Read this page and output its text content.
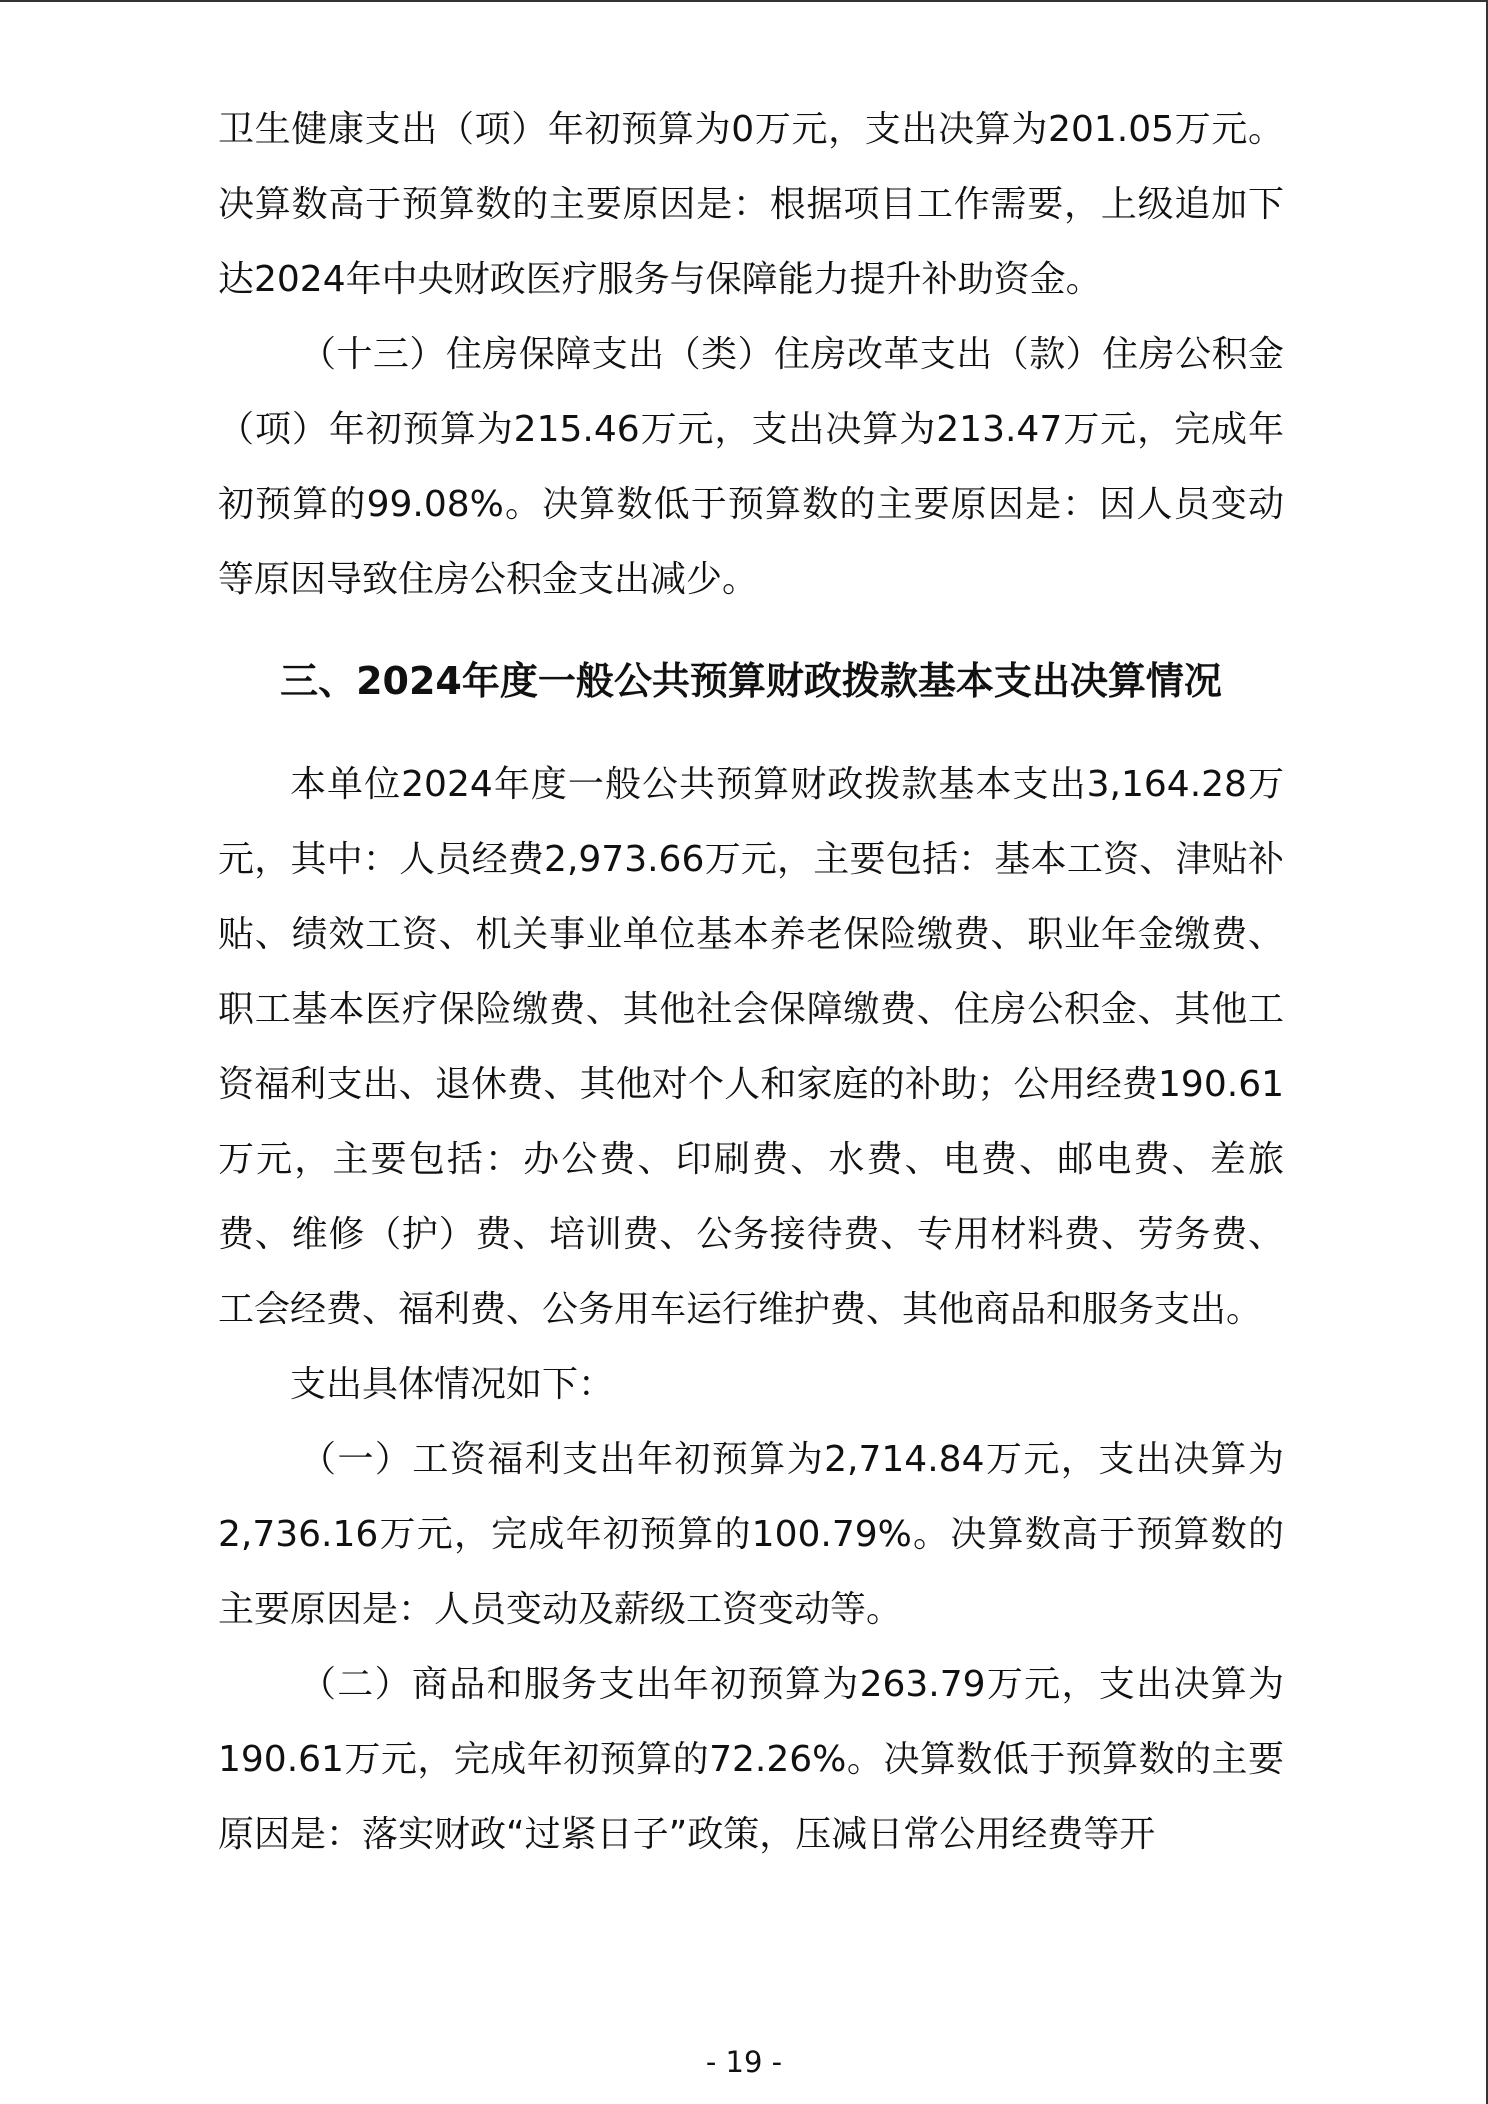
卫生健康支出（项）年初预算为0万元，支出决算为201.05万元。决算数高于预算数的主要原因是：根据项目工作需要，上级追加下达2024年中央财政医疗服务与保障能力提升补助资金。

（十三）住房保障支出（类）住房改革支出（款）住房公积金（项）年初预算为215.46万元，支出决算为213.47万元，完成年初预算的99.08%。决算数低于预算数的主要原因是：因人员变动等原因导致住房公积金支出减少。

三、2024年度一般公共预算财政拨款基本支出决算情况

本单位2024年度一般公共预算财政拨款基本支出3,164.28万元，其中：人员经费2,973.66万元，主要包括：基本工资、津贴补贴、绩效工资、机关事业单位基本养老保险缴费、职业年金缴费、职工基本医疗保险缴费、其他社会保障缴费、住房公积金、其他工资福利支出、退休费、其他对个人和家庭的补助；公用经费190.61万元，主要包括：办公费、印刷费、水费、电费、邮电费、差旅费、维修（护）费、培训费、公务接待费、专用材料费、劳务费、工会经费、福利费、公务用车运行维护费、其他商品和服务支出。

支出具体情况如下：

（一）工资福利支出年初预算为2,714.84万元，支出决算为2,736.16万元，完成年初预算的100.79%。决算数高于预算数的主要原因是：人员变动及薪级工资变动等。

（二）商品和服务支出年初预算为263.79万元，支出决算为190.61万元，完成年初预算的72.26%。决算数低于预算数的主要原因是：落实财政“过紧日子”政策，压减日常公用经费等开

- 19 -
